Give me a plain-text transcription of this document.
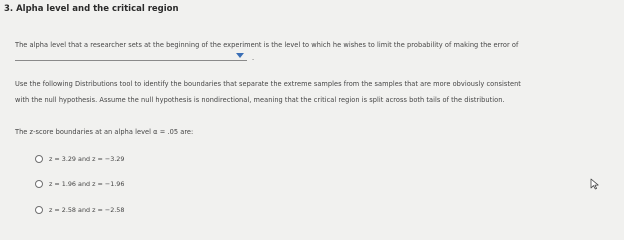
3. Alpha level and the critical region
The alpha level that a researcher sets at the beginning of the experiment is the level to which he wishes to limit the probability of making the error of
.
Use the following Distributions tool to identify the boundaries that separate the extreme samples from the samples that are more obviously consistent
with the null hypothesis. Assume the null hypothesis is nondirectional, meaning that the critical region is split across both tails of the distribution.
The z-score boundaries at an alpha level α = .05 are:
z = 3.29 and z = −3.29
z = 1.96 and z = −1.96
z = 2.58 and z = −2.58
